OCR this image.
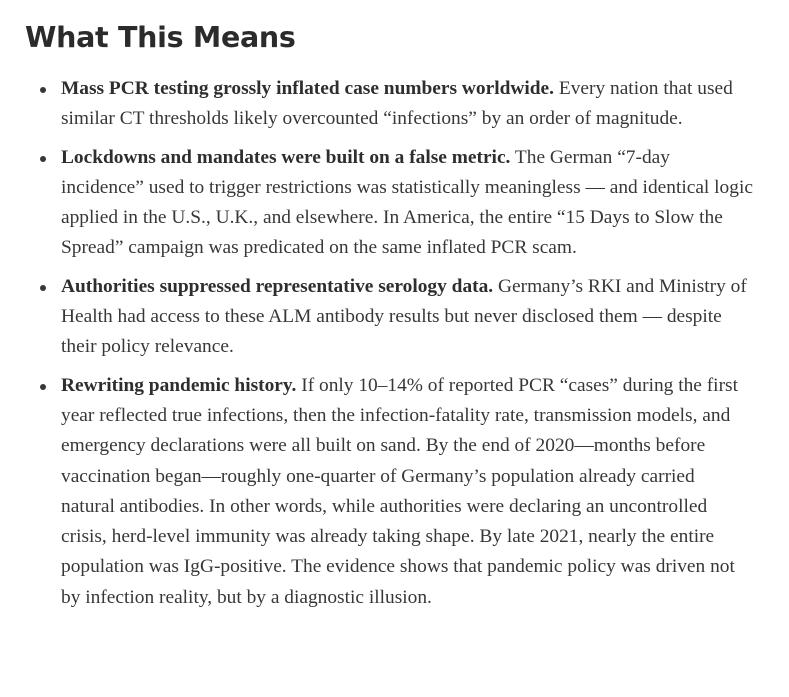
What This Means
Mass PCR testing grossly inflated case numbers worldwide. Every nation that used similar CT thresholds likely overcounted “infections” by an order of magnitude.
Lockdowns and mandates were built on a false metric. The German “7-day incidence” used to trigger restrictions was statistically meaningless — and identical logic applied in the U.S., U.K., and elsewhere. In America, the entire “15 Days to Slow the Spread” campaign was predicated on the same inflated PCR scam.
Authorities suppressed representative serology data. Germany’s RKI and Ministry of Health had access to these ALM antibody results but never disclosed them — despite their policy relevance.
Rewriting pandemic history. If only 10–14% of reported PCR “cases” during the first year reflected true infections, then the infection-fatality rate, transmission models, and emergency declarations were all built on sand. By the end of 2020—months before vaccination began—roughly one-quarter of Germany’s population already carried natural antibodies. In other words, while authorities were declaring an uncontrolled crisis, herd-level immunity was already taking shape. By late 2021, nearly the entire population was IgG-positive. The evidence shows that pandemic policy was driven not by infection reality, but by a diagnostic illusion.
